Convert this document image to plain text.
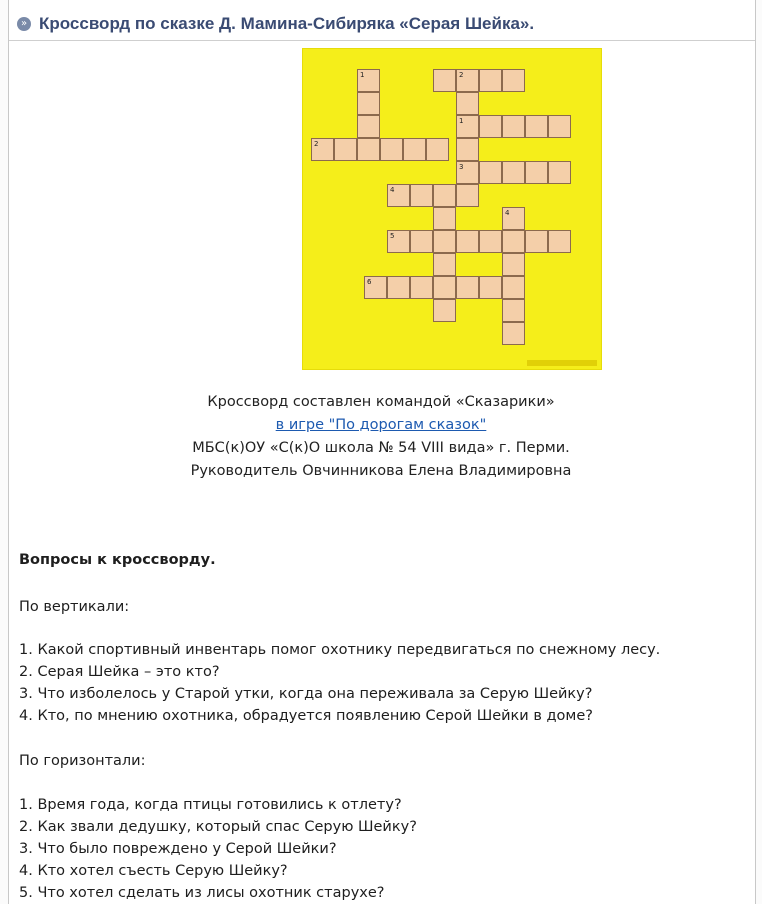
» Кроссворд по сказке Д. Мамина-Сибиряка «Серая Шейка».
1	2
1
3
2
4
4
5
6
Кроссворд составлен командой «Сказарики»
в игре "По дорогам сказок"
МБС(к)ОУ «С(к)О школа № 54 VIII вида» г. Перми.
Руководитель Овчинникова Елена Владимировна
Вопросы к кроссворду.
По вертикали:
1. Какой спортивный инвентарь помог охотнику передвигаться по снежному лесу.
2. Серая Шейка – это кто?
3. Что изболелось у Старой утки, когда она переживала за Серую Шейку?
4. Кто, по мнению охотника, обрадуется появлению Серой Шейки в доме?
По горизонтали:
1. Время года, когда птицы готовились к отлету?
2. Как звали дедушку, который спас Серую Шейку?
3. Что было повреждено у Серой Шейки?
4. Кто хотел съесть Серую Шейку?
5. Что хотел сделать из лисы охотник старухе?
